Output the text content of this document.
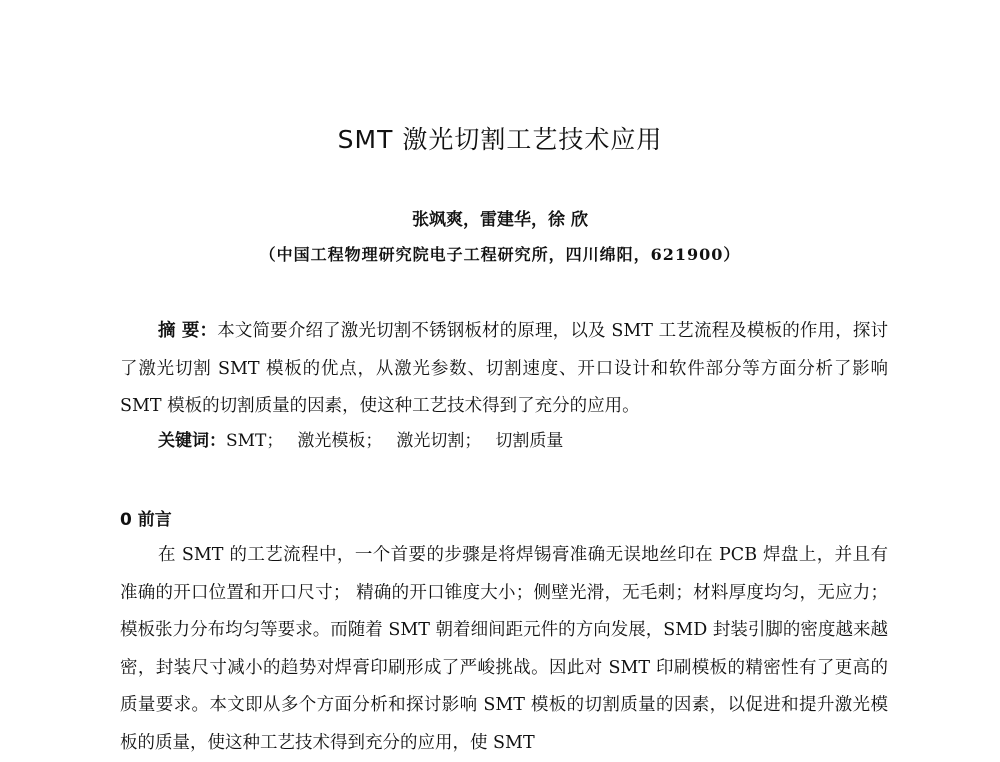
SMT 激光切割工艺技术应用
张飒爽，雷建华，徐 欣
（中国工程物理研究院电子工程研究所，四川绵阳，621900）
摘 要：本文简要介绍了激光切割不锈钢板材的原理，以及 SMT 工艺流程及模板的作用，探讨了激光切割 SMT 模板的优点，从激光参数、切割速度、开口设计和软件部分等方面分析了影响 SMT 模板的切割质量的因素，使这种工艺技术得到了充分的应用。
关键词：SMT； 激光模板； 激光切割； 切割质量
0 前言
在 SMT 的工艺流程中，一个首要的步骤是将焊锡膏准确无误地丝印在 PCB 焊盘上，并且有准确的开口位置和开口尺寸； 精确的开口锥度大小；侧壁光滑，无毛刺；材料厚度均匀，无应力；模板张力分布均匀等要求。而随着 SMT 朝着细间距元件的方向发展，SMD 封装引脚的密度越来越密，封装尺寸减小的趋势对焊膏印刷形成了严峻挑战。因此对 SMT 印刷模板的精密性有了更高的质量要求。本文即从多个方面分析和探讨影响 SMT 模板的切割质量的因素，以促进和提升激光模板的质量，使这种工艺技术得到充分的应用，使 SMT
